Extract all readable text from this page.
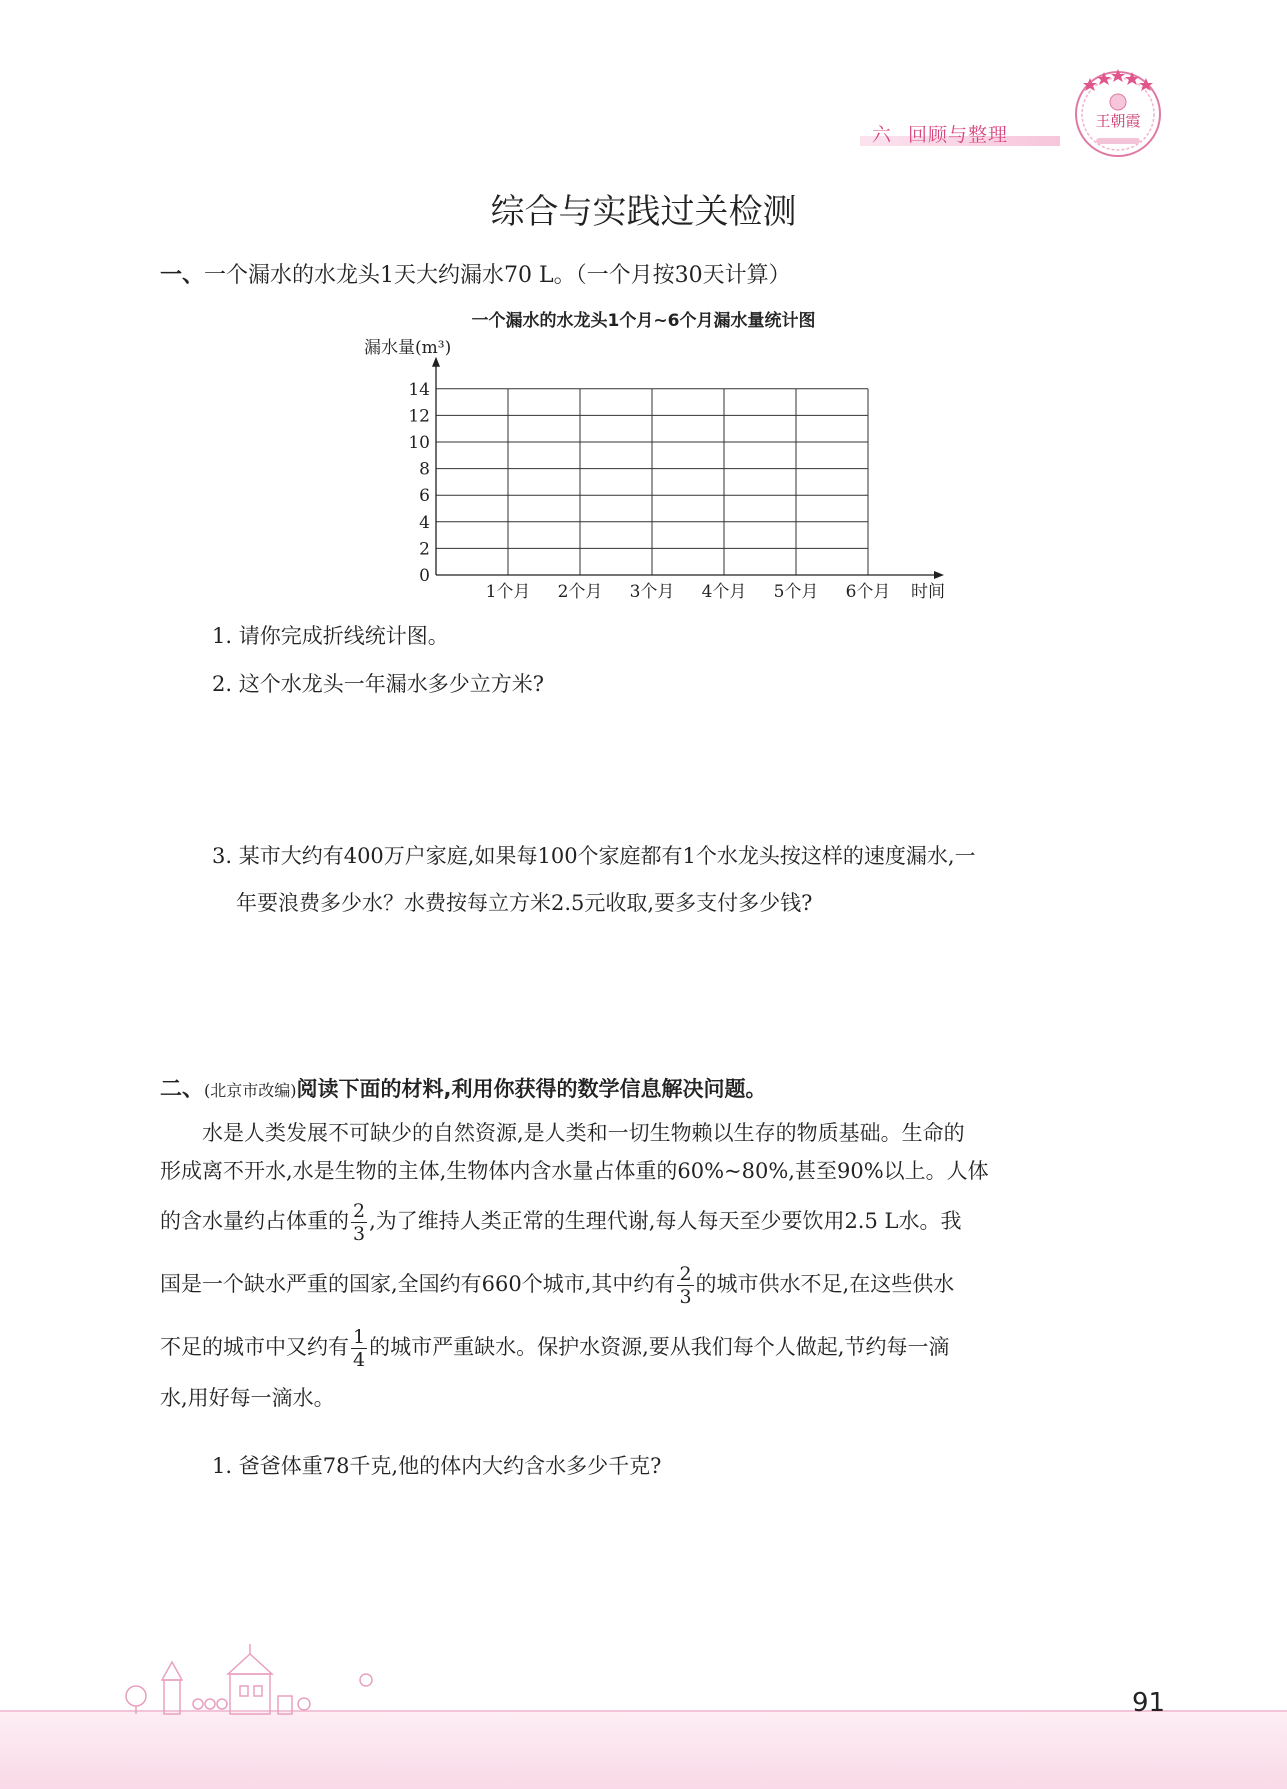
六 回顾与整理
王朝霞
综合与实践过关检测
一、一个漏水的水龙头1天大约漏水70 L。（一个月按30天计算）
一个漏水的水龙头1个月~6个月漏水量统计图
0
2
4
6
8
10
12
14
漏水量(m³)
1个月 2个月 3个月 4个月 5个月 6个月 时间
1. 请你完成折线统计图。
2. 这个水龙头一年漏水多少立方米?
3. 某市大约有400万户家庭,如果每100个家庭都有1个水龙头按这样的速度漏水,一
年要浪费多少水？水费按每立方米2.5元收取,要多支付多少钱?
二、(北京市改编)阅读下面的材料,利用你获得的数学信息解决问题。
水是人类发展不可缺少的自然资源,是人类和一切生物赖以生存的物质基础。生命的
形成离不开水,水是生物的主体,生物体内含水量占体重的60%~80%,甚至90%以上。人体
的含水量约占体重的 $\frac{2}{3}$ ,为了维持人类正常的生理代谢,每人每天至少要饮用2.5 L水。我
国是一个缺水严重的国家,全国约有660个城市,其中约有 $\frac{2}{3}$ 的城市供水不足,在这些供水
不足的城市中又约有 $\frac{1}{4}$ 的城市严重缺水。保护水资源,要从我们每个人做起,节约每一滴
水,用好每一滴水。
1. 爸爸体重78千克,他的体内大约含水多少千克?
91
